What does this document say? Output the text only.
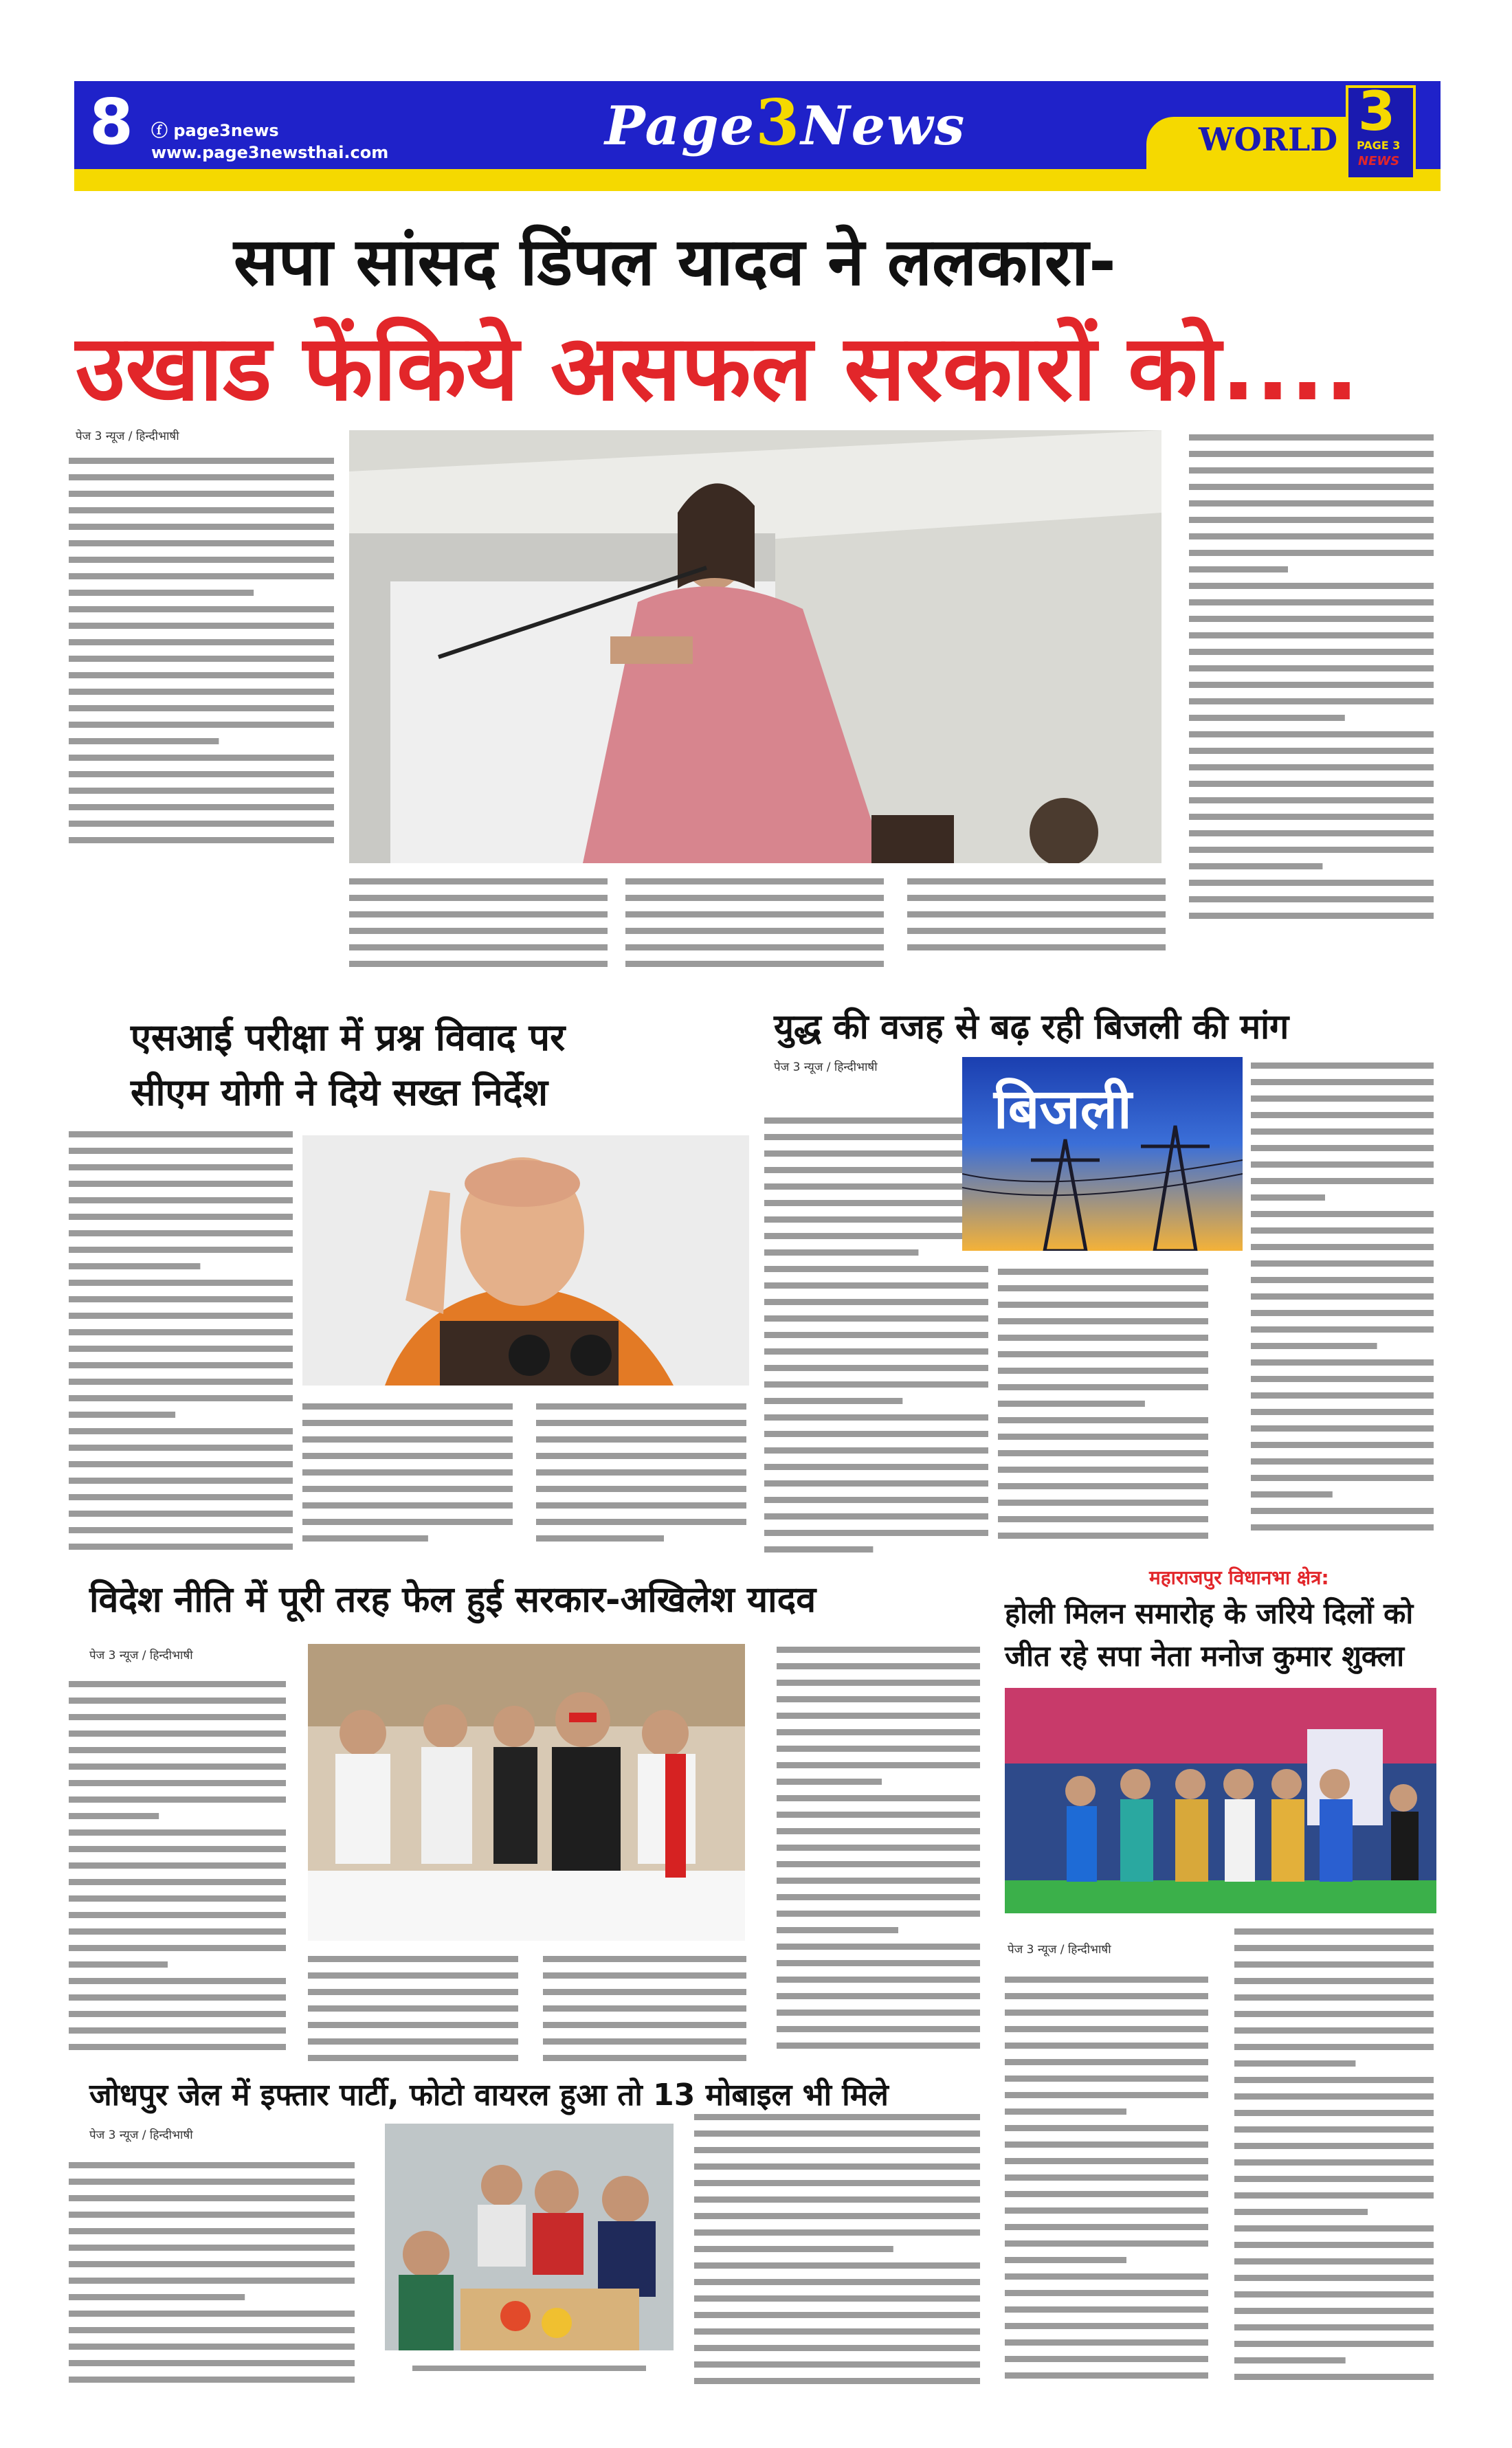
8 ⓕ page3news
www.page3newsthai.com	Page3News	WORLD 3
PAGE 3
NEWS
सपा सांसद डिंपल यादव ने ललकारा-
उखाड फेंकिये असफल सरकारों को....
पेज 3 न्यूज / हिन्दीभाषी
एसआई परीक्षा में प्रश्न विवाद पर
सीएम योगी ने दिये सख्त निर्देश
युद्ध की वजह से बढ़ रही बिजली की मांग
पेज 3 न्यूज / हिन्दीभाषी
बिजली
विदेश नीति में पूरी तरह फेल हुई सरकार-अखिलेश यादव
पेज 3 न्यूज / हिन्दीभाषी
महाराजपुर विधानभा क्षेत्र:
होली मिलन समारोह के जरिये दिलों को
जीत रहे सपा नेता मनोज कुमार शुक्ला
पेज 3 न्यूज / हिन्दीभाषी
जोधपुर जेल में इफ्तार पार्टी, फोटो वायरल हुआ तो 13 मोबाइल भी मिले
पेज 3 न्यूज / हिन्दीभाषी
